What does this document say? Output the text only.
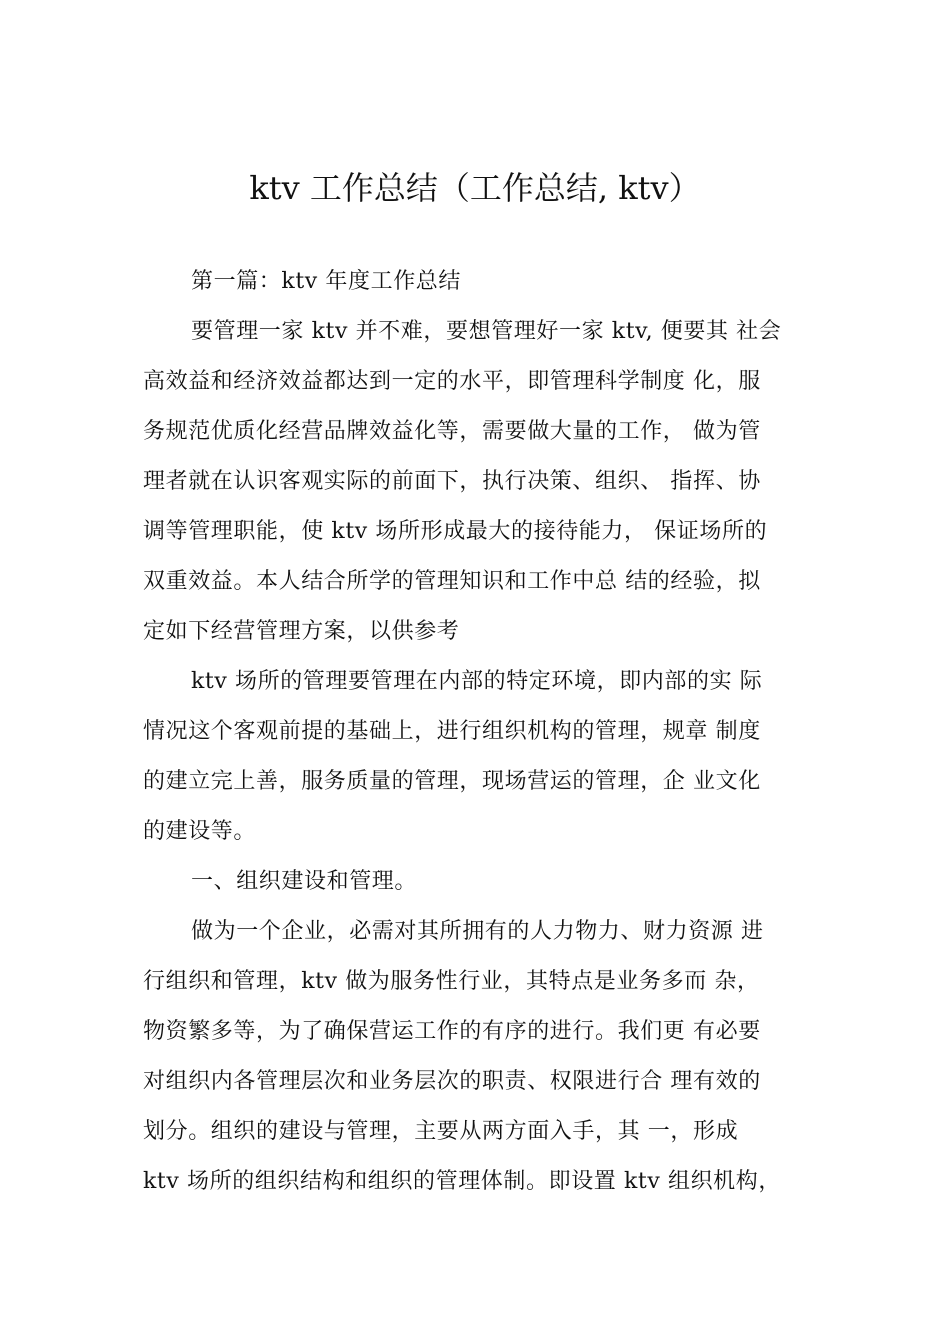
ktv 工作总结（工作总结, ktv）
第一篇：ktv 年度工作总结
要管理一家 ktv 并不难，要想管理好一家 ktv, 便要其 社会
高效益和经济效益都达到一定的水平，即管理科学制度 化，服
务规范优质化经营品牌效益化等，需要做大量的工作， 做为管
理者就在认识客观实际的前面下，执行决策、组织、 指挥、协
调等管理职能，使 ktv 场所形成最大的接待能力， 保证场所的
双重效益。本人结合所学的管理知识和工作中总 结的经验，拟
定如下经营管理方案，以供参考
ktv 场所的管理要管理在内部的特定环境，即内部的实 际
情况这个客观前提的基础上，进行组织机构的管理，规章 制度
的建立完上善，服务质量的管理，现场营运的管理，企 业文化
的建设等。
一、组织建设和管理。
做为一个企业，必需对其所拥有的人力物力、财力资源 进
行组织和管理，ktv 做为服务性行业，其特点是业务多而 杂，
物资繁多等，为了确保营运工作的有序的进行。我们更 有必要
对组织内各管理层次和业务层次的职责、权限进行合 理有效的
划分。组织的建设与管理，主要从两方面入手，其 一，形成
ktv 场所的组织结构和组织的管理体制。即设置 ktv 组织机构，
